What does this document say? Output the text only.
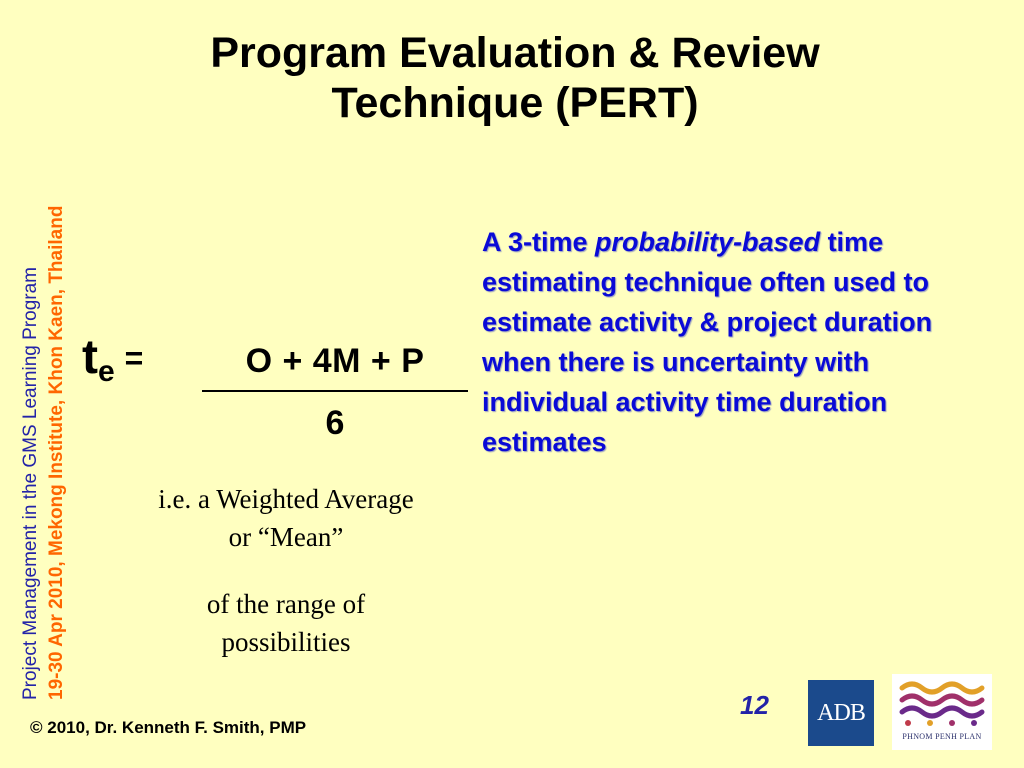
Program Evaluation & Review
Technique (PERT)
Project Management in the GMS Learning Program 19-30 Apr 2010, Mekong Institute, Khon Kaen, Thailand te =	O + 4M + P
6
A 3-time probability-based time estimating technique often used to estimate activity & project duration when there is uncertainty with individual activity time duration estimates
i.e. a Weighted Average
or “Mean”
of the range of
possibilities
12 ADB
PHNOM PENH PLAN
© 2010, Dr. Kenneth F. Smith, PMP
